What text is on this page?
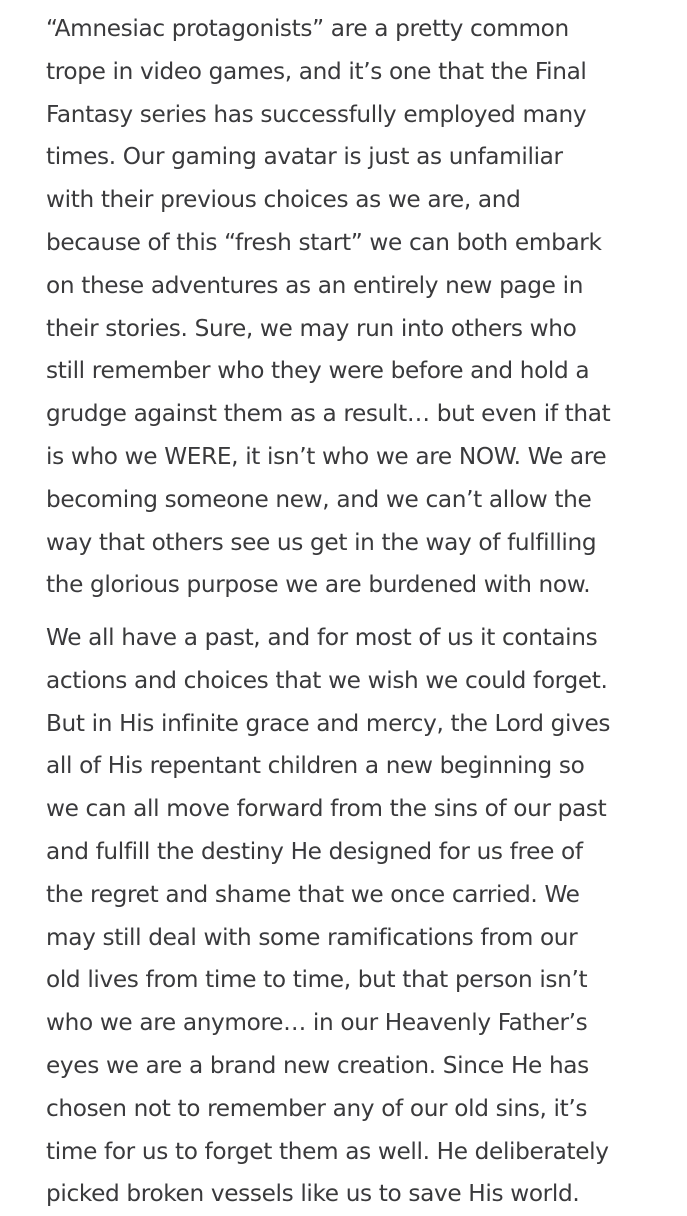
“Amnesiac protagonists” are a pretty common
trope in video games, and it’s one that the Final
Fantasy series has successfully employed many
times. Our gaming avatar is just as unfamiliar
with their previous choices as we are, and
because of this “fresh start” we can both embark
on these adventures as an entirely new page in
their stories. Sure, we may run into others who
still remember who they were before and hold a
grudge against them as a result… but even if that
is who we WERE, it isn’t who we are NOW. We are
becoming someone new, and we can’t allow the
way that others see us get in the way of fulfilling
the glorious purpose we are burdened with now.
We all have a past, and for most of us it contains
actions and choices that we wish we could forget.
But in His infinite grace and mercy, the Lord gives
all of His repentant children a new beginning so
we can all move forward from the sins of our past
and fulfill the destiny He designed for us free of
the regret and shame that we once carried. We
may still deal with some ramifications from our
old lives from time to time, but that person isn’t
who we are anymore… in our Heavenly Father’s
eyes we are a brand new creation. Since He has
chosen not to remember any of our old sins, it’s
time for us to forget them as well. He deliberately
picked broken vessels like us to save His world.
